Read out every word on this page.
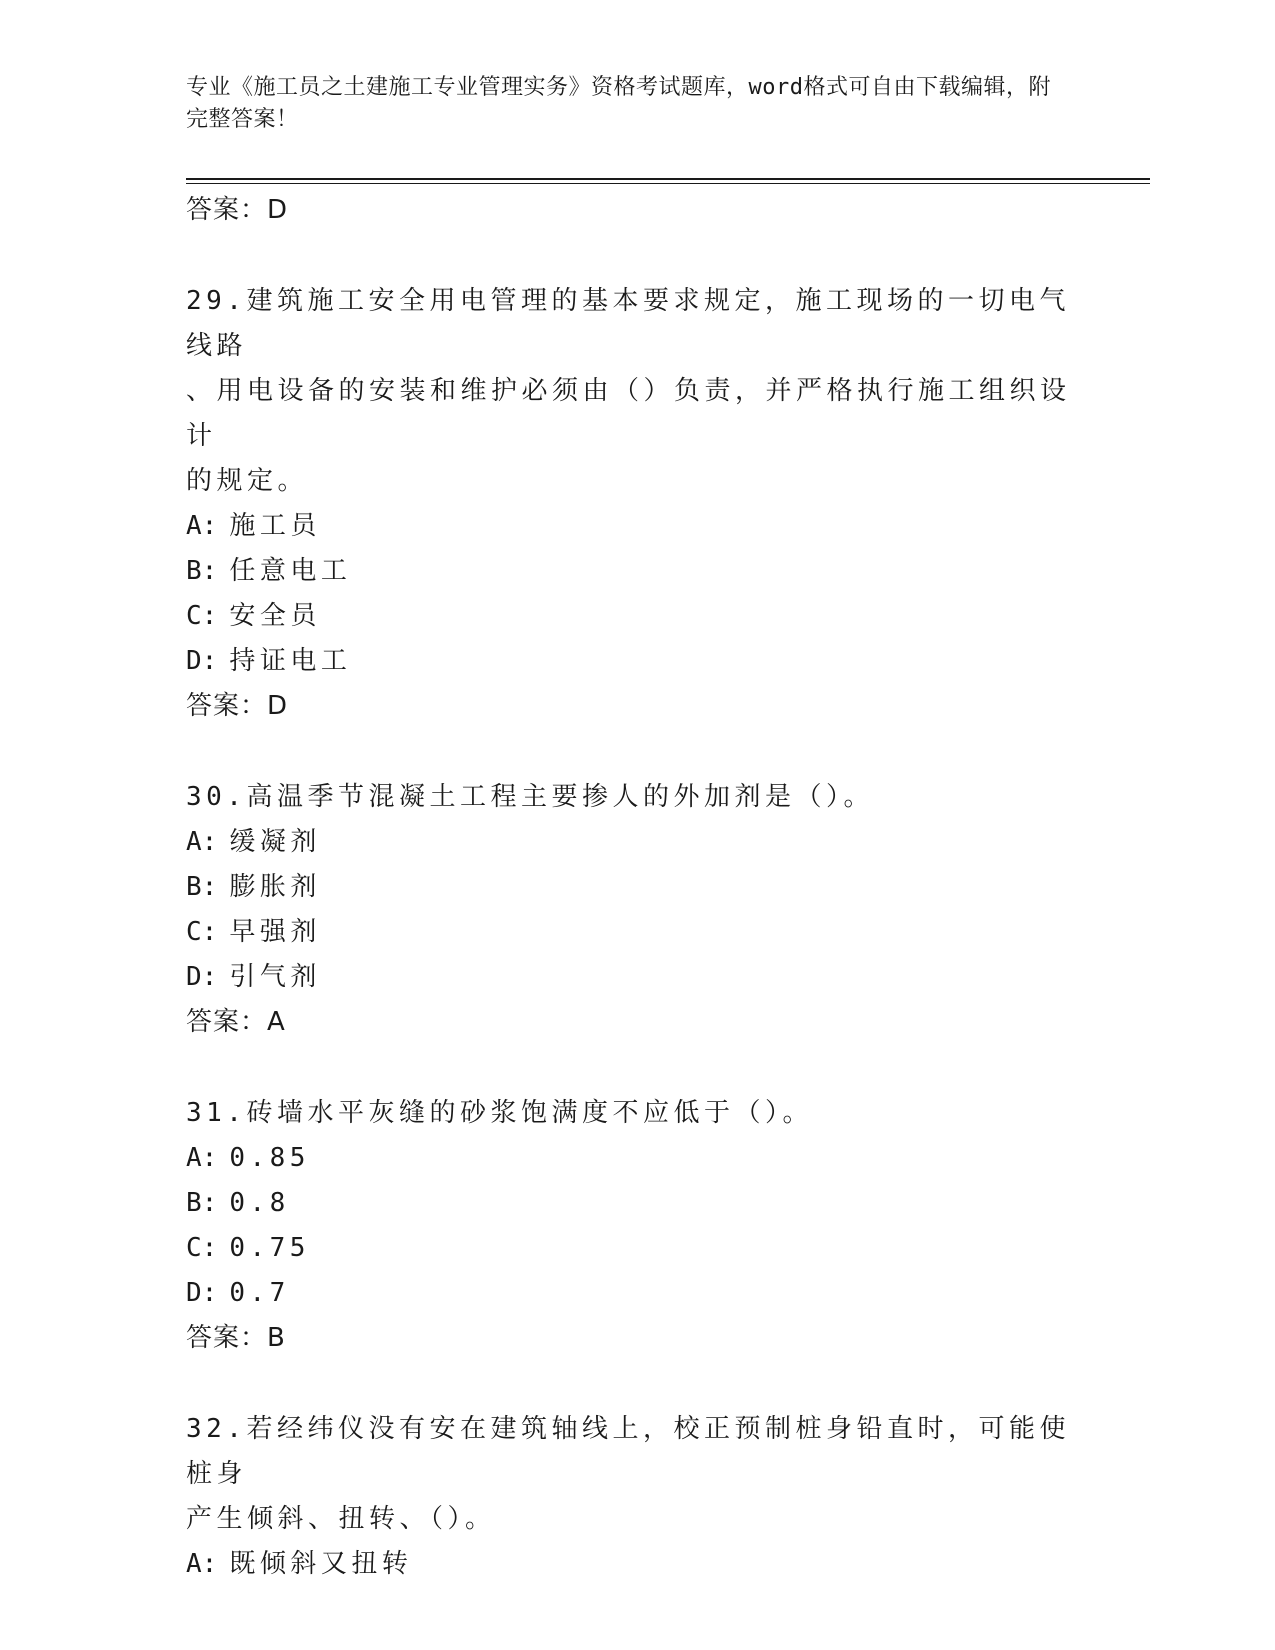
专业《施工员之土建施工专业管理实务》资格考试题库，word格式可自由下载编辑，附完整答案！
答案：D
29.建筑施工安全用电管理的基本要求规定，施工现场的一切电气线路
、用电设备的安装和维护必须由（）负责，并严格执行施工组织设计
的规定。
A: 施工员
B: 任意电工
C: 安全员
D: 持证电工
答案：D
30.高温季节混凝土工程主要掺人的外加剂是（）。
A: 缓凝剂
B: 膨胀剂
C: 早强剂
D: 引气剂
答案：A
31.砖墙水平灰缝的砂浆饱满度不应低于（）。
A: 0.85
B: 0.8
C: 0.75
D: 0.7
答案：B
32.若经纬仪没有安在建筑轴线上，校正预制桩身铅直时，可能使桩身
产生倾斜、扭转、（）。
A: 既倾斜又扭转
